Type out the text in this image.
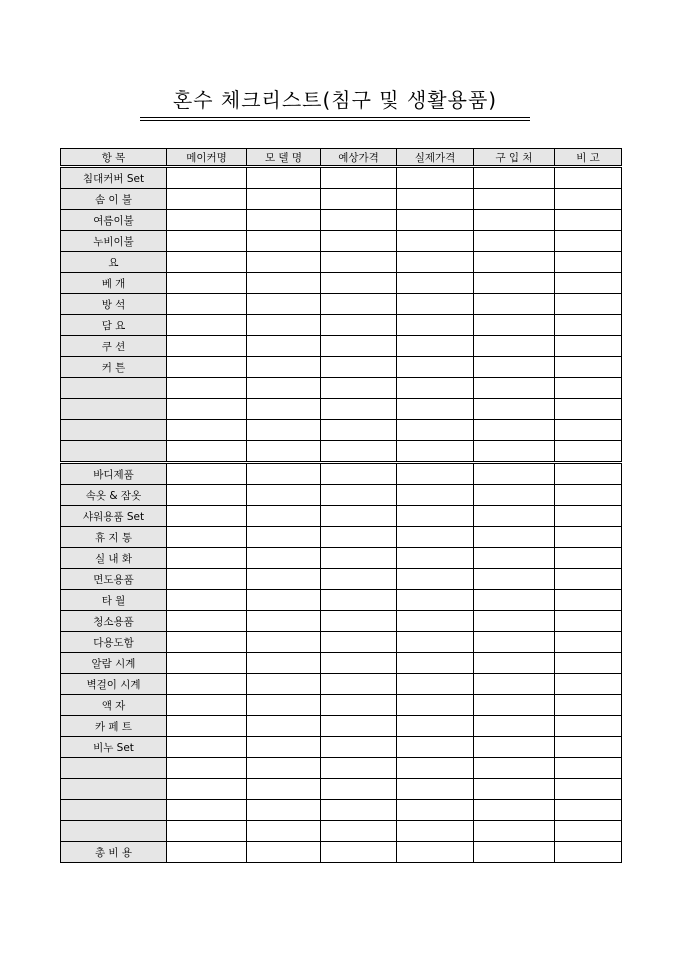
혼수 체크리스트(침구 및 생활용품)
항 목	메이커명	모 델 명	예상가격	실제가격	구 입 처	비 고
침대커버 Set						
솜 이 불						
여름이불						
누비이불						
요						
베 개						
방 석						
담 요						
쿠 션						
커 튼						

바디제품						
속옷 & 잠옷						
샤워용품 Set						
휴 지 통						
실 내 화						
면도용품						
타 월						
청소용품						
다용도함						
알람 시계						
벽걸이 시계						
액 자						
카 페 트						
비누 Set						

총 비 용						
